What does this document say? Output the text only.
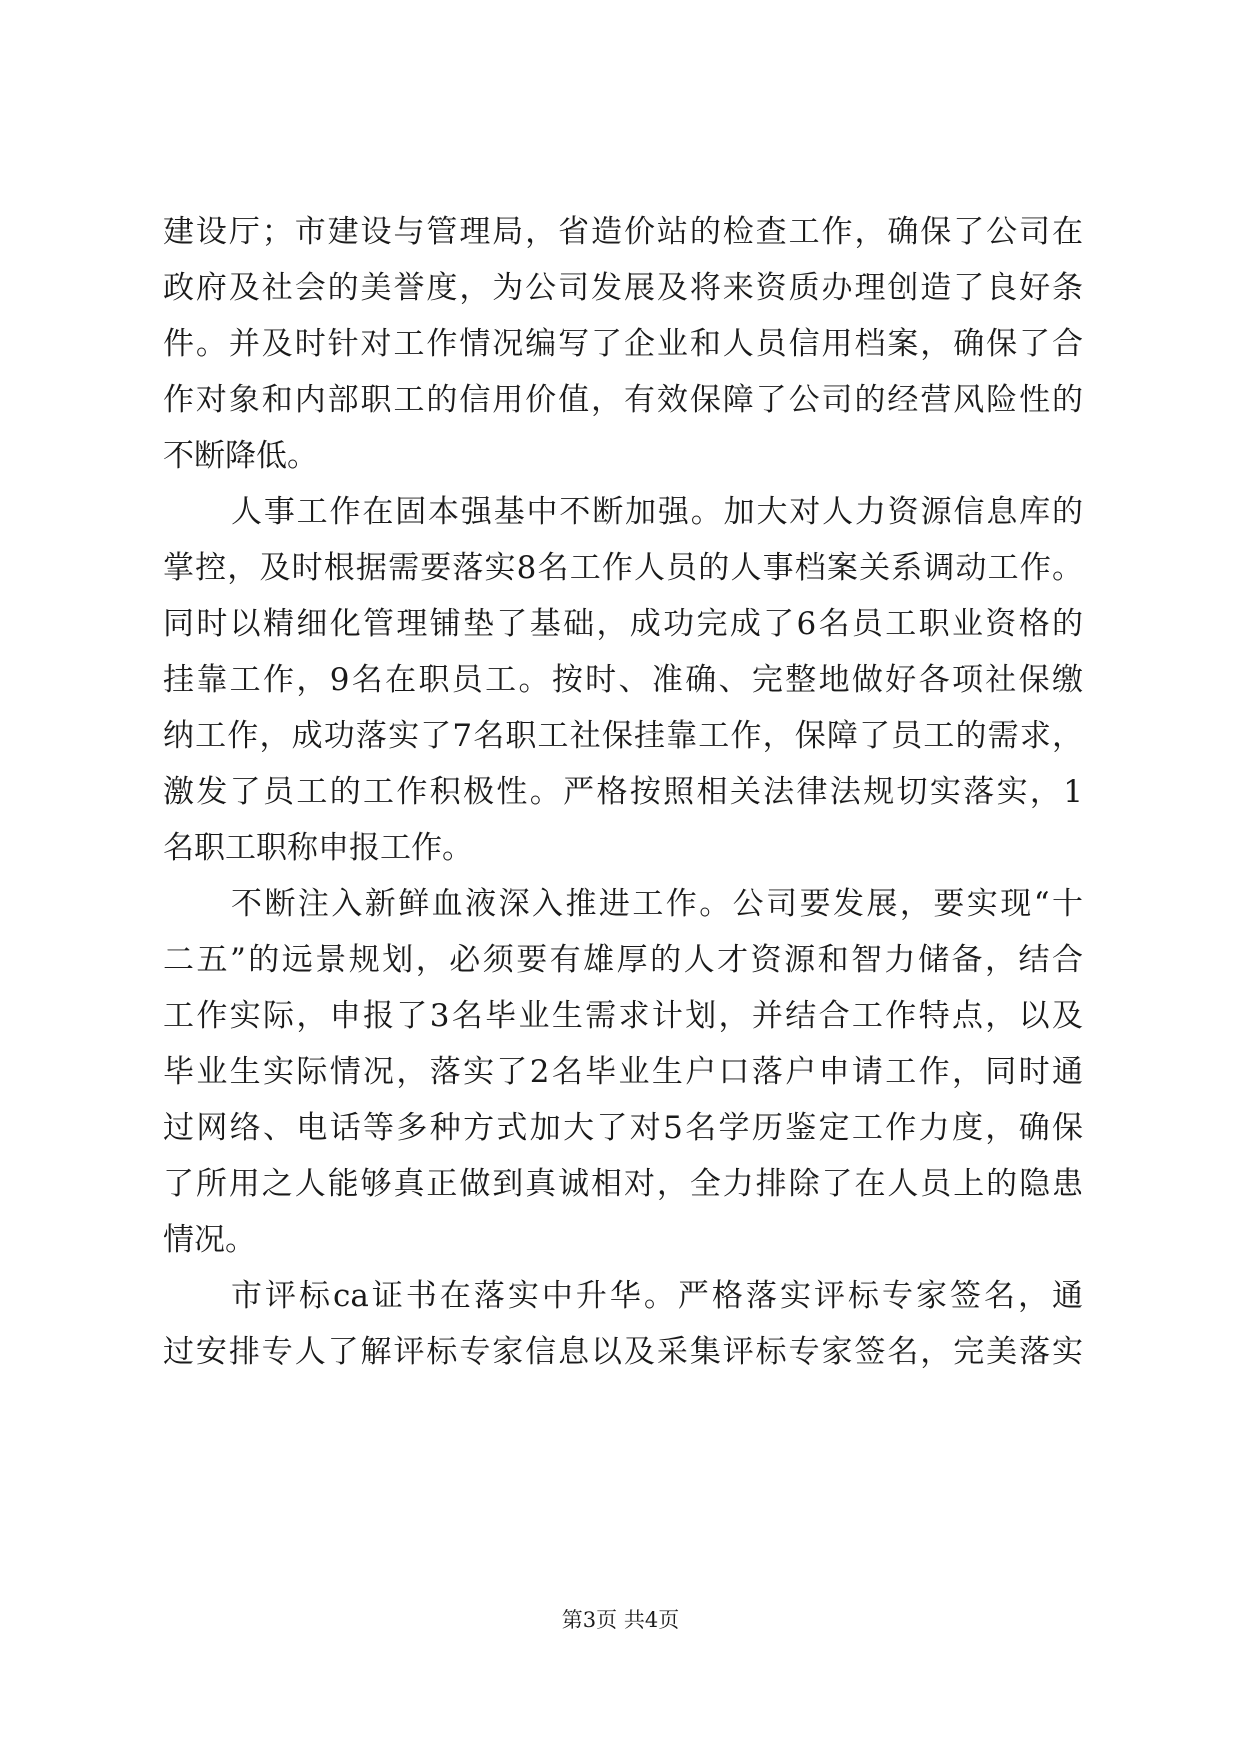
建设厅；市建设与管理局，省造价站的检查工作，确保了公司在
政府及社会的美誉度，为公司发展及将来资质办理创造了良好条
件。并及时针对工作情况编写了企业和人员信用档案，确保了合
作对象和内部职工的信用价值，有效保障了公司的经营风险性的
不断降低。
人事工作在固本强基中不断加强。加大对人力资源信息库的
掌控，及时根据需要落实8名工作人员的人事档案关系调动工作。
同时以精细化管理铺垫了基础，成功完成了6名员工职业资格的
挂靠工作，9名在职员工。按时、准确、完整地做好各项社保缴
纳工作，成功落实了7名职工社保挂靠工作，保障了员工的需求，
激发了员工的工作积极性。严格按照相关法律法规切实落实，1
名职工职称申报工作。
不断注入新鲜血液深入推进工作。公司要发展，要实现“十
二五”的远景规划，必须要有雄厚的人才资源和智力储备，结合
工作实际，申报了3名毕业生需求计划，并结合工作特点，以及
毕业生实际情况，落实了2名毕业生户口落户申请工作，同时通
过网络、电话等多种方式加大了对5名学历鉴定工作力度，确保
了所用之人能够真正做到真诚相对，全力排除了在人员上的隐患
情况。
市评标ca证书在落实中升华。严格落实评标专家签名，通
过安排专人了解评标专家信息以及采集评标专家签名，完美落实
第3页 共4页
